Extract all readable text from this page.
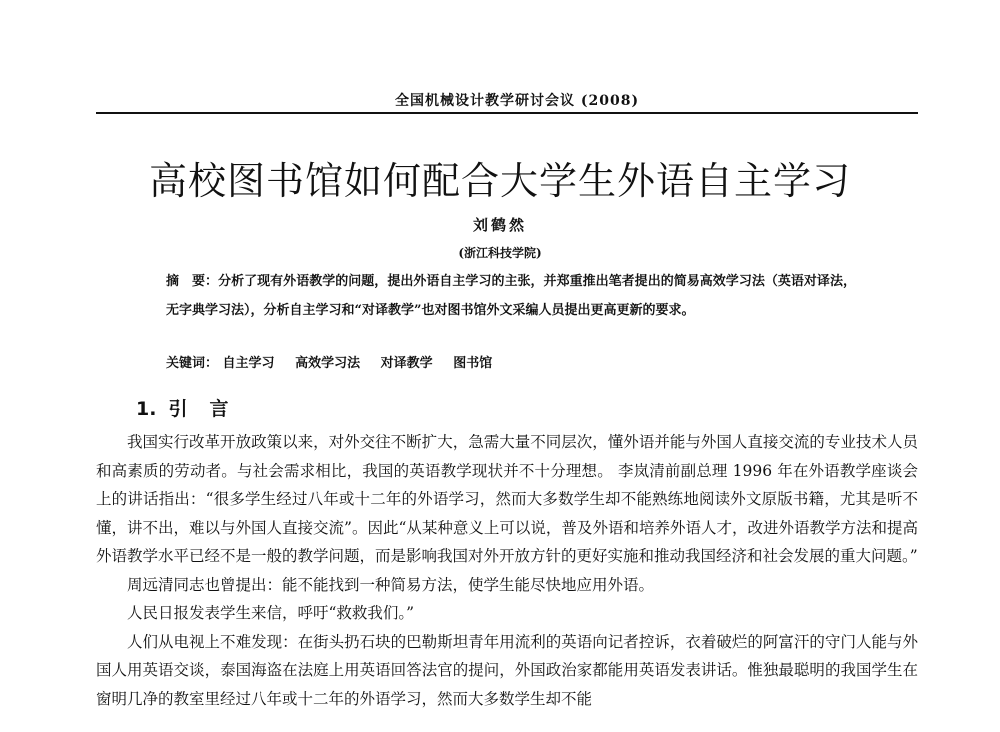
全国机械设计教学研讨会议 (2008)
高校图书馆如何配合大学生外语自主学习
刘鹤然
(浙江科技学院)
摘　要：分析了现有外语教学的问题，提出外语自主学习的主张，并郑重推出笔者提出的简易高效学习法（英语对译法，无字典学习法），分析自主学习和“对译教学”也对图书馆外文采编人员提出更高更新的要求。
关键词： 自主学习 高效学习法 对译教学 图书馆
1. 引 言

我国实行改革开放政策以来，对外交往不断扩大，急需大量不同层次，懂外语并能与外国人直接交流的专业技术人员和高素质的劳动者。与社会需求相比，我国的英语教学现状并不十分理想。 李岚清前副总理 1996 年在外语教学座谈会上的讲话指出：“很多学生经过八年或十二年的外语学习，然而大多数学生却不能熟练地阅读外文原版书籍，尤其是听不懂，讲不出，难以与外国人直接交流”。因此“从某种意义上可以说，普及外语和培养外语人才，改进外语教学方法和提高外语教学水平已经不是一般的教学问题，而是影响我国对外开放方针的更好实施和推动我国经济和社会发展的重大问题。”

周远清同志也曾提出：能不能找到一种简易方法，使学生能尽快地应用外语。

人民日报发表学生来信，呼吁“救救我们。”

人们从电视上不难发现：在街头扔石块的巴勒斯坦青年用流利的英语向记者控诉，衣着破烂的阿富汗的守门人能与外国人用英语交谈，泰国海盗在法庭上用英语回答法官的提问，外国政治家都能用英语发表讲话。惟独最聪明的我国学生在窗明几净的教室里经过八年或十二年的外语学习，然而大多数学生却不能
